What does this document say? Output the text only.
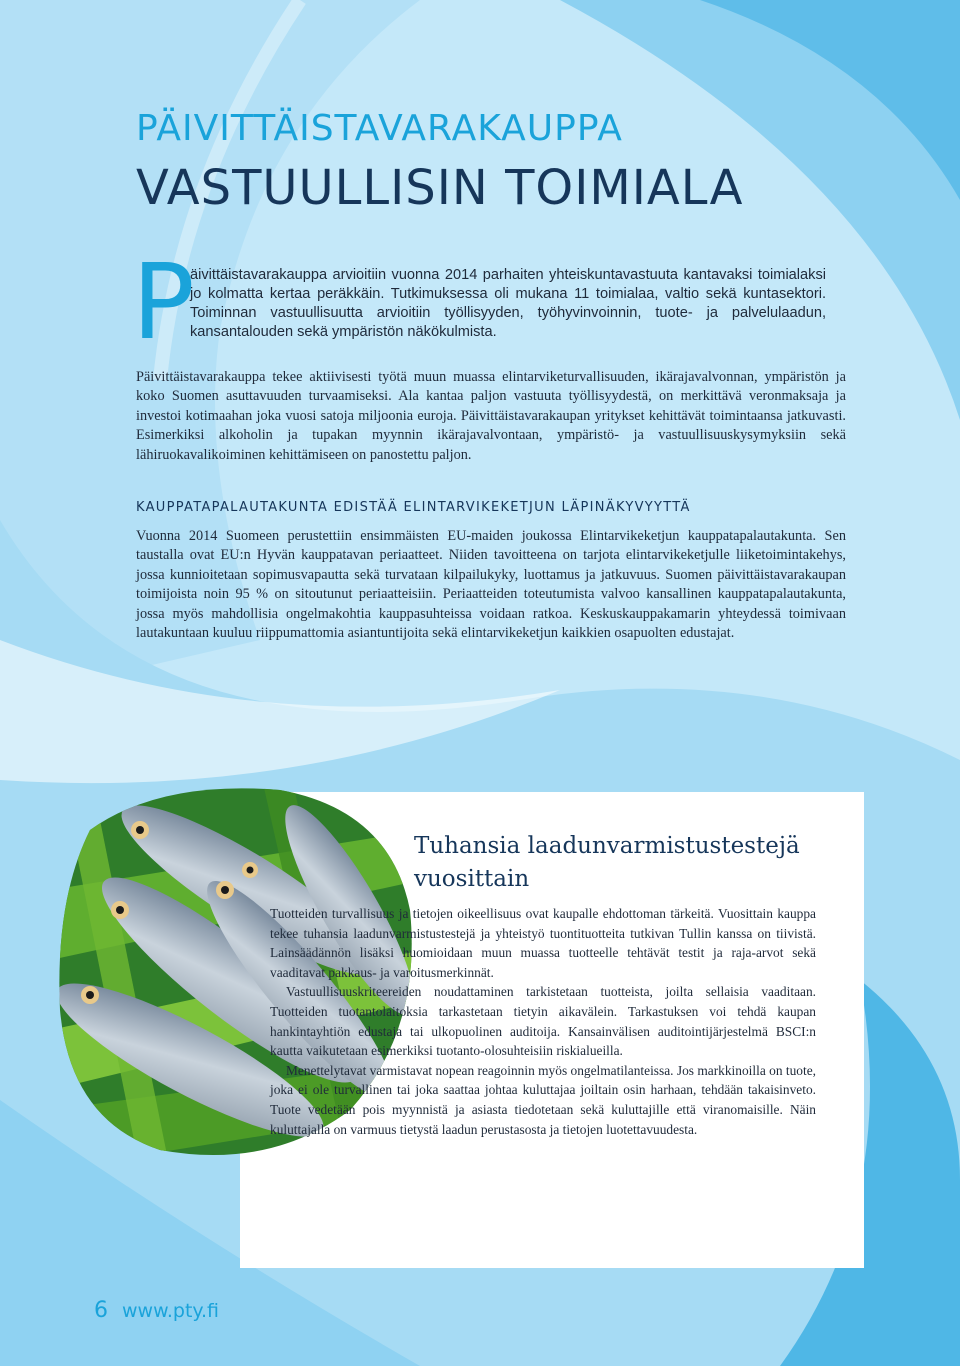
PÄIVITTÄISTAVARAKAUPPA
VASTUULLISIN TOIMIALA
P

äivittäistavarakauppa arvioitiin vuonna 2014 parhaiten yhteiskuntavastuuta kantavaksi toimialaksi jo kolmatta kertaa peräkkäin. Tutkimuksessa oli mukana 11 toimialaa, valtio sekä kuntasektori. Toiminnan vastuullisuutta arvioitiin työllisyyden, työhyvinvoinnin, tuote- ja palvelulaadun, kansantalouden sekä ympäristön näkökulmista.

Päivittäistavarakauppa tekee aktiivisesti työtä muun muassa elintarviketurvallisuuden, ikärajavalvonnan, ympäristön ja koko Suomen asuttavuuden turvaamiseksi. Ala kantaa paljon vastuuta työllisyydestä, on merkittävä veronmaksaja ja investoi kotimaahan joka vuosi satoja miljoonia euroja. Päivittäistavarakaupan yritykset kehittävät toimintaansa jatkuvasti. Esimerkiksi alkoholin ja tupakan myynnin ikärajavalvontaan, ympäristö- ja vastuullisuuskysymyksiin sekä lähiruokavalikoiminen kehittämiseen on panostettu paljon.

KAUPPATAPALAUTAKUNTA EDISTÄÄ ELINTARVIKEKETJUN LÄPINÄKYVYYTTÄ

Vuonna 2014 Suomeen perustettiin ensimmäisten EU-maiden joukossa Elintarvikeketjun kauppatapalautakunta. Sen taustalla ovat EU:n Hyvän kauppatavan periaatteet. Niiden tavoitteena on tarjota elintarvikeketjulle liiketoimintakehys, jossa kunnioitetaan sopimusvapautta sekä turvataan kilpailukyky, luottamus ja jatkuvuus. Suomen päivittäistavarakaupan toimijoista noin 95 % on sitoutunut periaatteisiin. Periaatteiden toteutumista valvoo kansallinen kauppatapalautakunta, jossa myös mahdollisia ongelmakohtia kauppasuhteissa voidaan ratkoa. Keskuskauppakamarin yhteydessä toimivaan lautakuntaan kuuluu riippumattomia asiantuntijoita sekä elintarvikeketjun kaikkien osapuolten edustajat.

Tuhansia laadunvarmistustestejä vuosittain

Tuotteiden turvallisuus ja tietojen oikeellisuus ovat kaupalle ehdottoman tärkeitä. Vuosittain kauppa tekee tuhansia laadunvarmistustestejä ja yhteistyö tuontituotteita tutkivan Tullin kanssa on tiivistä. Lainsäädännön lisäksi huomioidaan muun muassa tuotteelle tehtävät testit ja raja-arvot sekä vaaditavat pakkaus- ja varoitusmerkinnät.

Vastuullisuuskriteereiden noudattaminen tarkistetaan tuotteista, joilta sellaisia vaaditaan. Tuotteiden tuotantolaitoksia tarkastetaan tietyin aikavälein. Tarkastuksen voi tehdä kaupan hankintayhtiön edustaja tai ulkopuolinen auditoija. Kansainvälisen auditointijärjestelmä BSCI:n kautta vaikutetaan esimerkiksi tuotanto-olosuhteisiin riskialueilla.

Menettelytavat varmistavat nopean reagoinnin myös ongelmatilanteissa. Jos markkinoilla on tuote, joka ei ole turvallinen tai joka saattaa johtaa kuluttajaa joiltain osin harhaan, tehdään takaisinveto. Tuote vedetään pois myynnistä ja asiasta tiedotetaan sekä kuluttajille että viranomaisille. Näin kuluttajalla on varmuus tietystä laadun perustasosta ja tietojen luotettavuudesta.

6 www.pty.fi
